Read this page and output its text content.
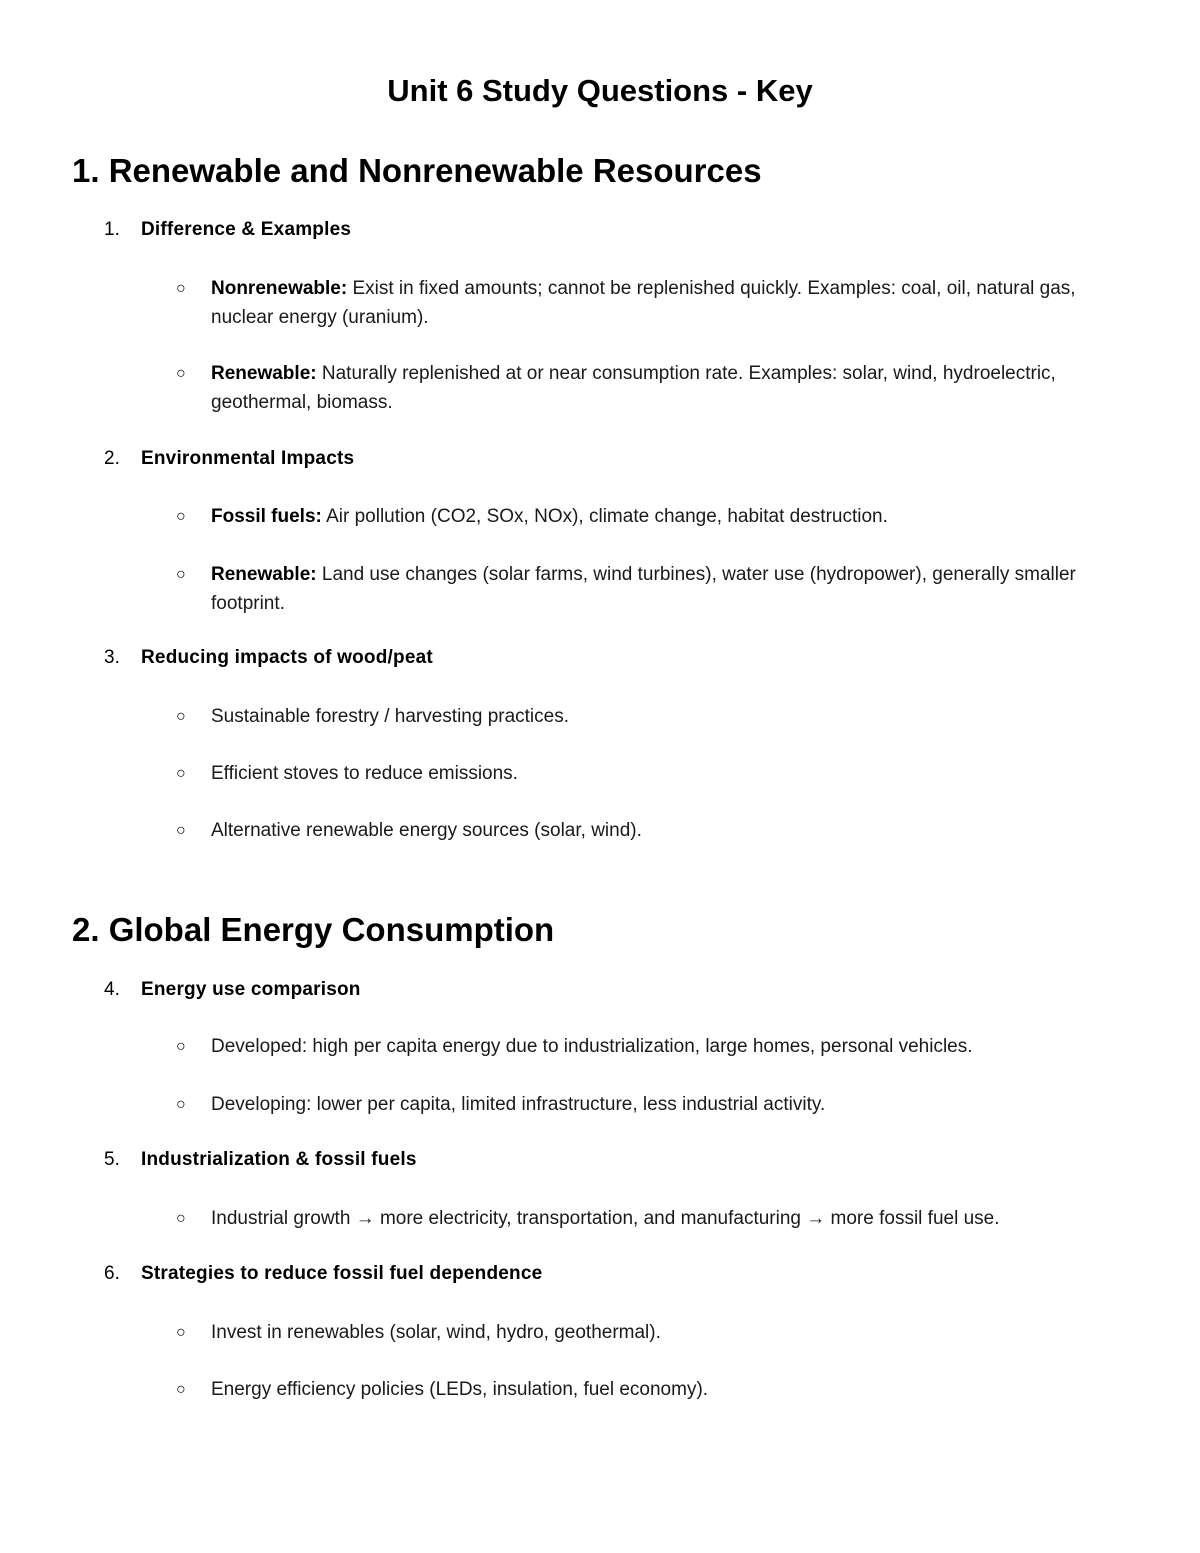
Unit 6 Study Questions - Key
1. Renewable and Nonrenewable Resources
1. Difference & Examples
○	Nonrenewable: Exist in fixed amounts; cannot be replenished quickly. Examples: coal, oil, natural gas, nuclear energy (uranium).
○	Renewable: Naturally replenished at or near consumption rate. Examples: solar, wind, hydroelectric, geothermal, biomass.
2. Environmental Impacts
○	Fossil fuels: Air pollution (CO2, SOx, NOx), climate change, habitat destruction.
○	Renewable: Land use changes (solar farms, wind turbines), water use (hydropower), generally smaller footprint.
3. Reducing impacts of wood/peat
○	Sustainable forestry / harvesting practices.
○	Efficient stoves to reduce emissions.
○	Alternative renewable energy sources (solar, wind).
2. Global Energy Consumption
4. Energy use comparison
○	Developed: high per capita energy due to industrialization, large homes, personal vehicles.
○	Developing: lower per capita, limited infrastructure, less industrial activity.
5. Industrialization & fossil fuels
○	Industrial growth → more electricity, transportation, and manufacturing → more fossil fuel use.
6. Strategies to reduce fossil fuel dependence
○	Invest in renewables (solar, wind, hydro, geothermal).
○	Energy efficiency policies (LEDs, insulation, fuel economy).
